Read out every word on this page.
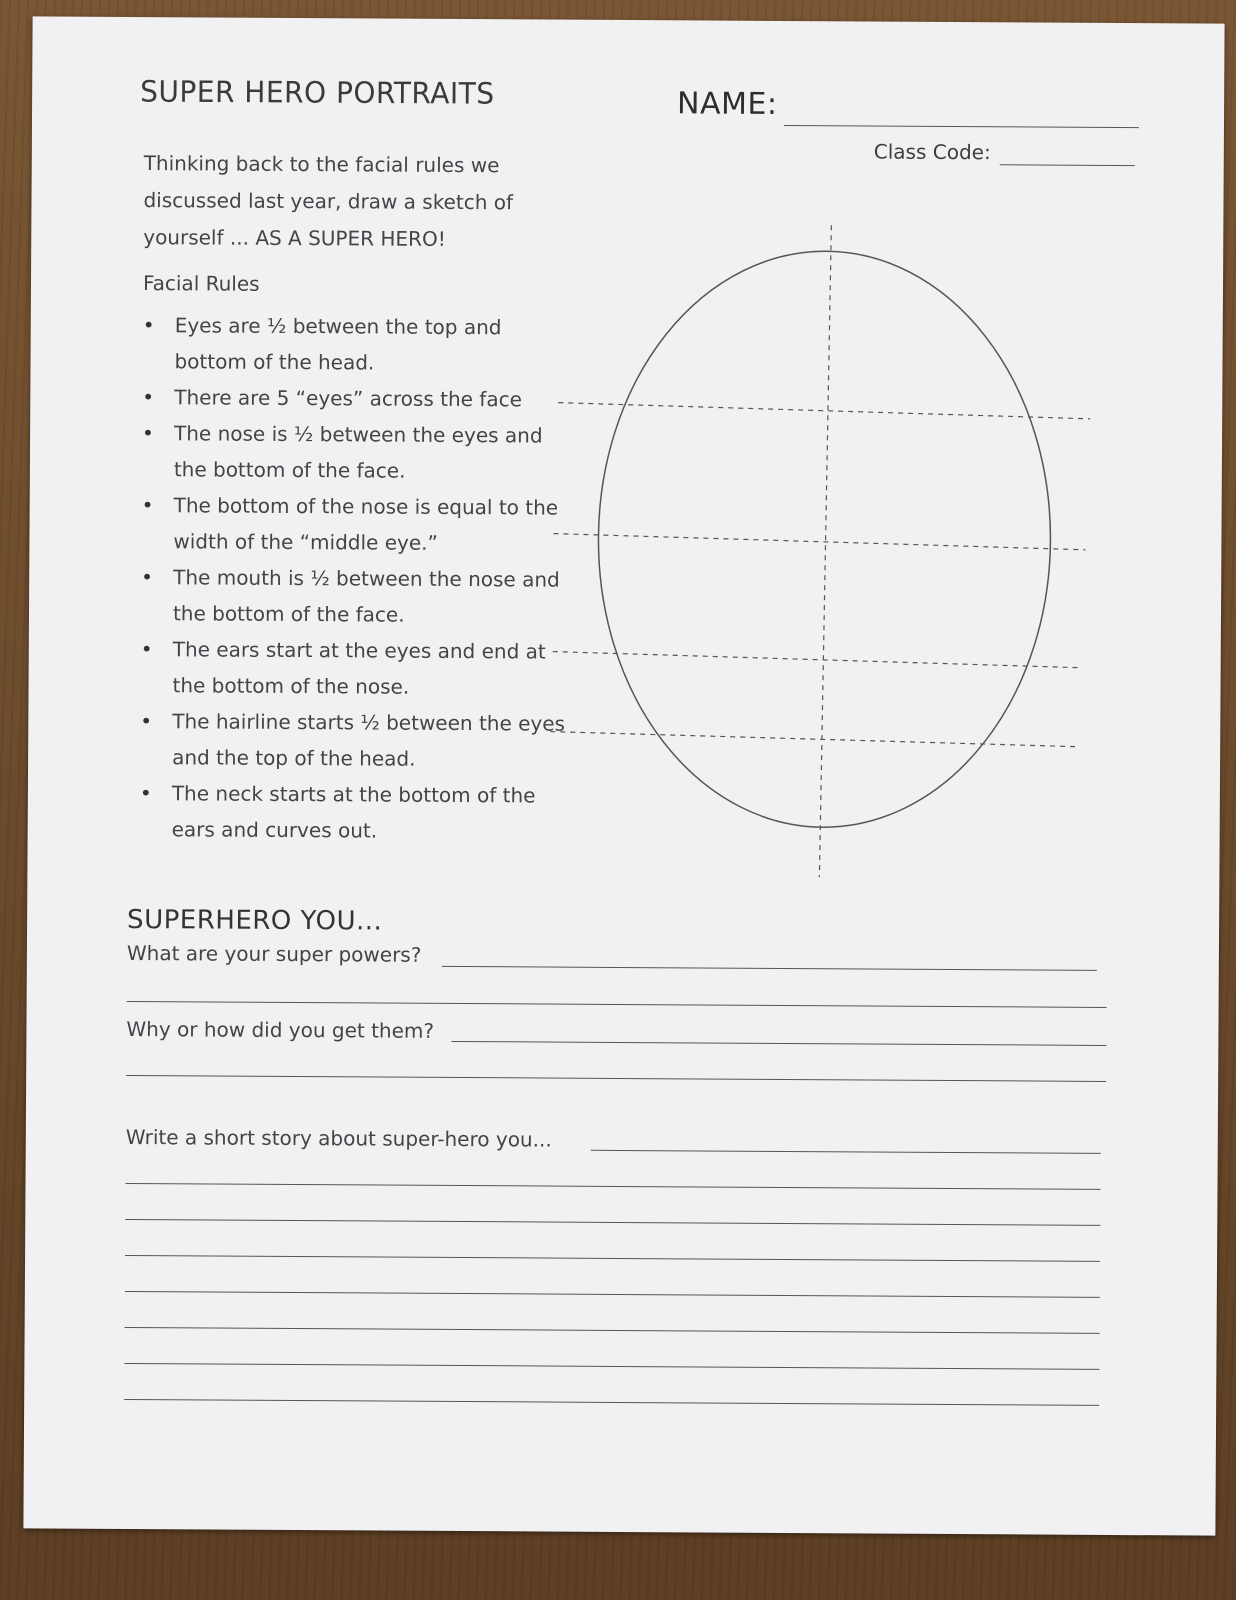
SUPER HERO PORTRAITS	NAME:
Class Code:
Thinking back to the facial rules we discussed last year, draw a sketch of yourself ... AS A SUPER HERO!
Facial Rules
• Eyes are ½ between the top and bottom of the head.
• There are 5 “eyes” across the face
• The nose is ½ between the eyes and the bottom of the face.
• The bottom of the nose is equal to the width of the “middle eye.”
• The mouth is ½ between the nose and the bottom of the face.
• The ears start at the eyes and end at the bottom of the nose.
• The hairline starts ½ between the eyes and the top of the head.
• The neck starts at the bottom of the ears and curves out.
SUPERHERO YOU...
What are your super powers?
Why or how did you get them?
Write a short story about super-hero you...
